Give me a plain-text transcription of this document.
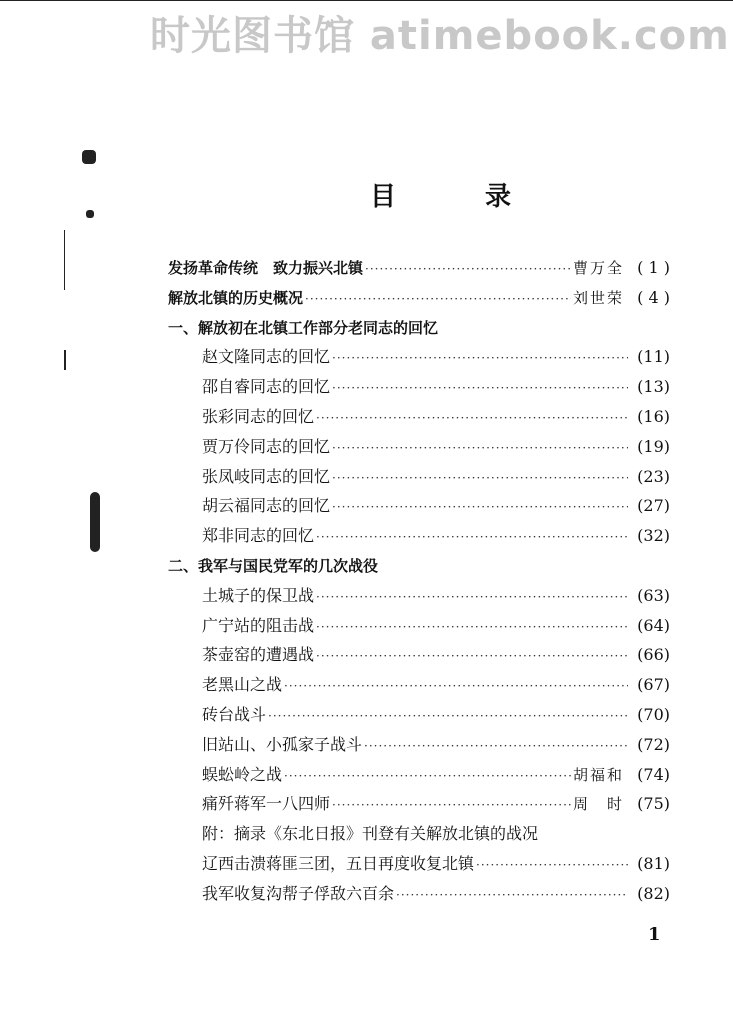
时光图书馆 atimebook.com
目 录
发扬革命传统　致力振兴北镇 ·····	曹万全 ( 1 )
解放北镇的历史概况 ·····	刘世荣 ( 4 )
一、解放初在北镇工作部分老同志的回忆
赵文隆同志的回忆 ·····	(11)
邵自睿同志的回忆 ·····	(13)
张彩同志的回忆 ·····	(16)
贾万伶同志的回忆 ·····	(19)
张凤岐同志的回忆 ·····	(23)
胡云福同志的回忆 ·····	(27)
郑非同志的回忆 ·····	(32)
二、我军与国民党军的几次战役
土城子的保卫战 ·····	(63)
广宁站的阻击战 ·····	(64)
茶壶窑的遭遇战 ·····	(66)
老黑山之战 ·····	(67)
砖台战斗 ·····	(70)
旧站山、小孤家子战斗 ·····	(72)
蜈蚣岭之战 ·····	胡福和 (74)
痛歼蒋军一八四师 ·····	周　时 (75)
附：摘录《东北日报》刊登有关解放北镇的战况
辽西击溃蒋匪三团，五日再度收复北镇 ·····	(81)
我军收复沟帮子俘敌六百余 ·····	(82)
1
